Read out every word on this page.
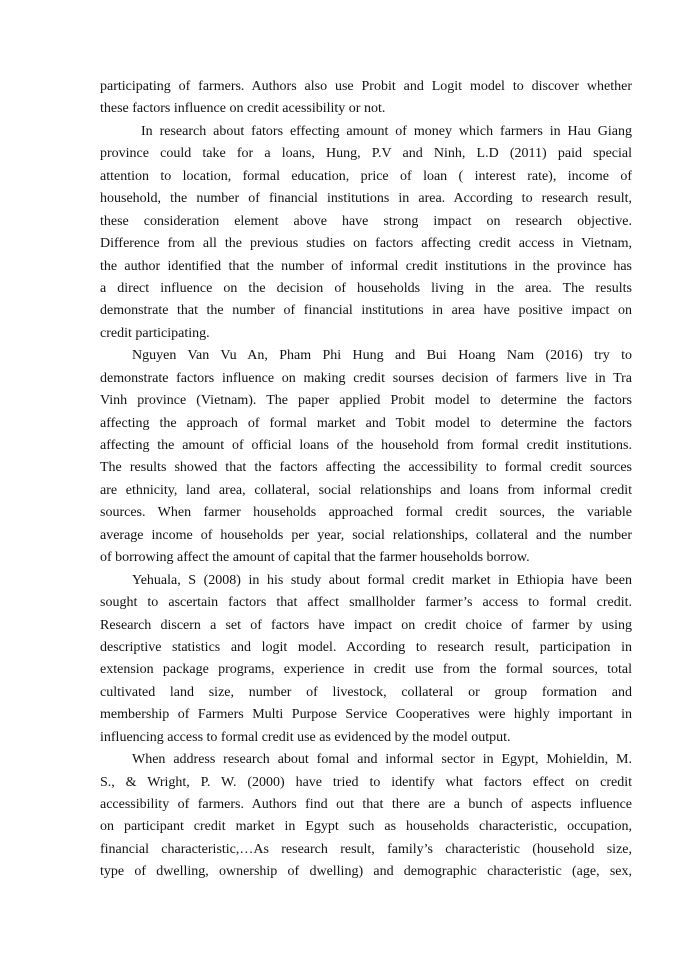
participating of farmers. Authors also use Probit and Logit model to discover whether
these factors influence on credit acessibility or not.
In research about fators effecting amount of money which farmers in Hau Giang
province could take for a loans, Hung, P.V and Ninh, L.D (2011) paid special
attention to location, formal education, price of loan ( interest rate), income of
household, the number of financial institutions in area. According to research result,
these consideration element above have strong impact on research objective.
Difference from all the previous studies on factors affecting credit access in Vietnam,
the author identified that the number of informal credit institutions in the province has
a direct influence on the decision of households living in the area. The results
demonstrate that the number of financial institutions in area have positive impact on
credit participating.
Nguyen Van Vu An, Pham Phi Hung and Bui Hoang Nam (2016) try to
demonstrate factors influence on making credit sourses decision of farmers live in Tra
Vinh province (Vietnam). The paper applied Probit model to determine the factors
affecting the approach of formal market and Tobit model to determine the factors
affecting the amount of official loans of the household from formal credit institutions.
The results showed that the factors affecting the accessibility to formal credit sources
are ethnicity, land area, collateral, social relationships and loans from informal credit
sources. When farmer households approached formal credit sources, the variable
average income of households per year, social relationships, collateral and the number
of borrowing affect the amount of capital that the farmer households borrow.
Yehuala, S (2008) in his study about formal credit market in Ethiopia have been
sought to ascertain factors that affect smallholder farmer’s access to formal credit.
Research discern a set of factors have impact on credit choice of farmer by using
descriptive statistics and logit model. According to research result, participation in
extension package programs, experience in credit use from the formal sources, total
cultivated land size, number of livestock, collateral or group formation and
membership of Farmers Multi Purpose Service Cooperatives were highly important in
influencing access to formal credit use as evidenced by the model output.
When address research about fomal and informal sector in Egypt, Mohieldin, M.
S., & Wright, P. W. (2000) have tried to identify what factors effect on credit
accessibility of farmers. Authors find out that there are a bunch of aspects influence
on participant credit market in Egypt such as households characteristic, occupation,
financial characteristic,…As research result, family’s characteristic (household size,
type of dwelling, ownership of dwelling) and demographic characteristic (age, sex,
